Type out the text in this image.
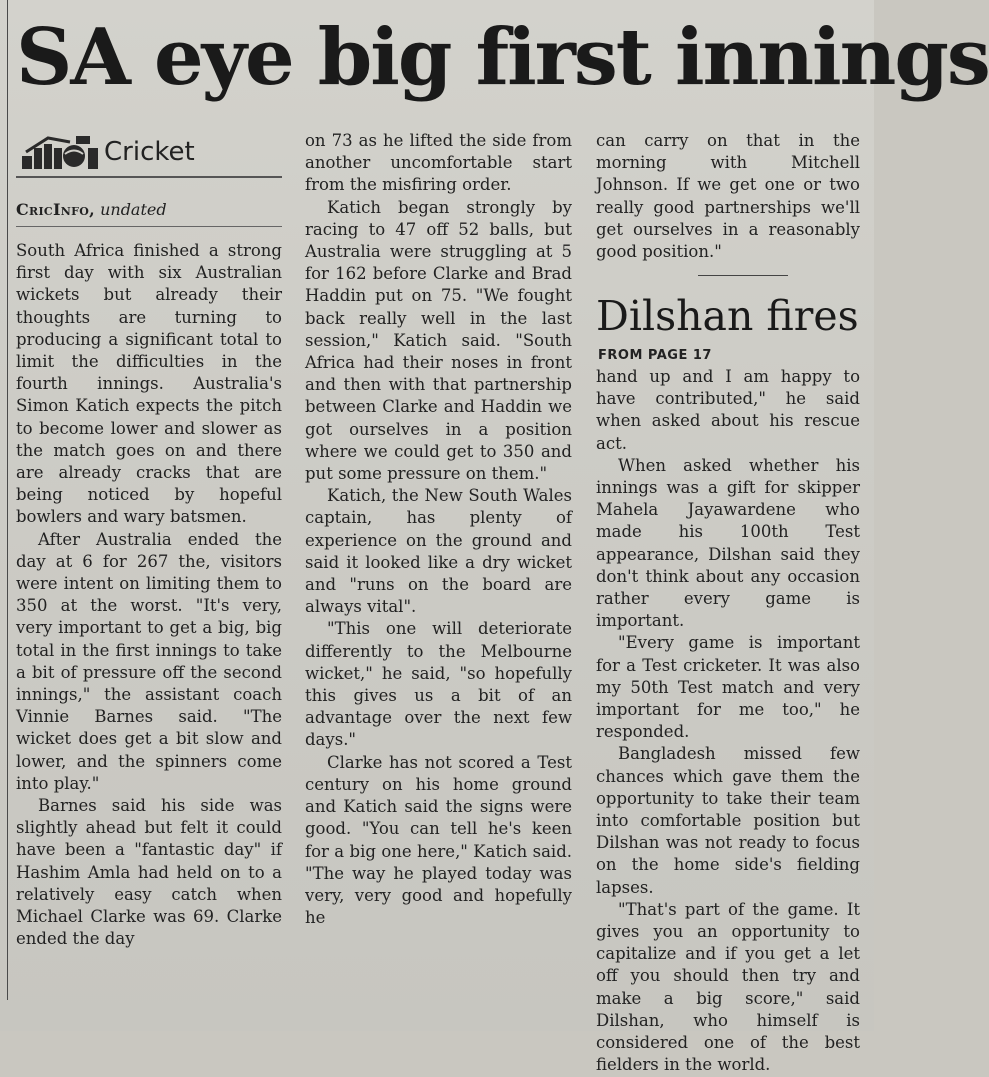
SA eye big first innings
Cricket
CricInfo, undated

South Africa finished a strong first day with six Australian wickets but already their thoughts are turning to producing a significant total to limit the difficulties in the fourth innings. Australia's Simon Katich expects the pitch to become lower and slower as the match goes on and there are already cracks that are being noticed by hopeful bowlers and wary batsmen.

After Australia ended the day at 6 for 267 the, visitors were intent on limiting them to 350 at the worst. "It's very, very important to get a big, big total in the first innings to take a bit of pressure off the second innings," the assistant coach Vinnie Barnes said. "The wicket does get a bit slow and lower, and the spinners come into play."

Barnes said his side was slightly ahead but felt it could have been a "fantastic day" if Hashim Amla had held on to a relatively easy catch when Michael Clarke was 69. Clarke ended the day

on 73 as he lifted the side from another uncomfortable start from the misfiring order.

Katich began strongly by racing to 47 off 52 balls, but Australia were struggling at 5 for 162 before Clarke and Brad Haddin put on 75. "We fought back really well in the last session," Katich said. "South Africa had their noses in front and then with that partnership between Clarke and Haddin we got ourselves in a position where we could get to 350 and put some pressure on them."

Katich, the New South Wales captain, has plenty of experience on the ground and said it looked like a dry wicket and "runs on the board are always vital".

"This one will deteriorate differently to the Melbourne wicket," he said, "so hopefully this gives us a bit of an advantage over the next few days."

Clarke has not scored a Test century on his home ground and Katich said the signs were good. "You can tell he's keen for a big one here," Katich said. "The way he played today was very, very good and hopefully he

can carry on that in the morning with Mitchell Johnson. If we get one or two really good partnerships we'll get ourselves in a reasonably good position."

Dilshan fires
FROM PAGE 17

hand up and I am happy to have contributed," he said when asked about his rescue act.

When asked whether his innings was a gift for skipper Mahela Jayawardene who made his 100th Test appearance, Dilshan said they don't think about any occasion rather every game is important.

"Every game is important for a Test cricketer. It was also my 50th Test match and very important for me too," he responded.

Bangladesh missed few chances which gave them the opportunity to take their team into comfortable position but Dilshan was not ready to focus on the home side's fielding lapses.

"That's part of the game. It gives you an opportunity to capitalize and if you get a let off you should then try and make a big score," said Dilshan, who himself is considered one of the best fielders in the world.
